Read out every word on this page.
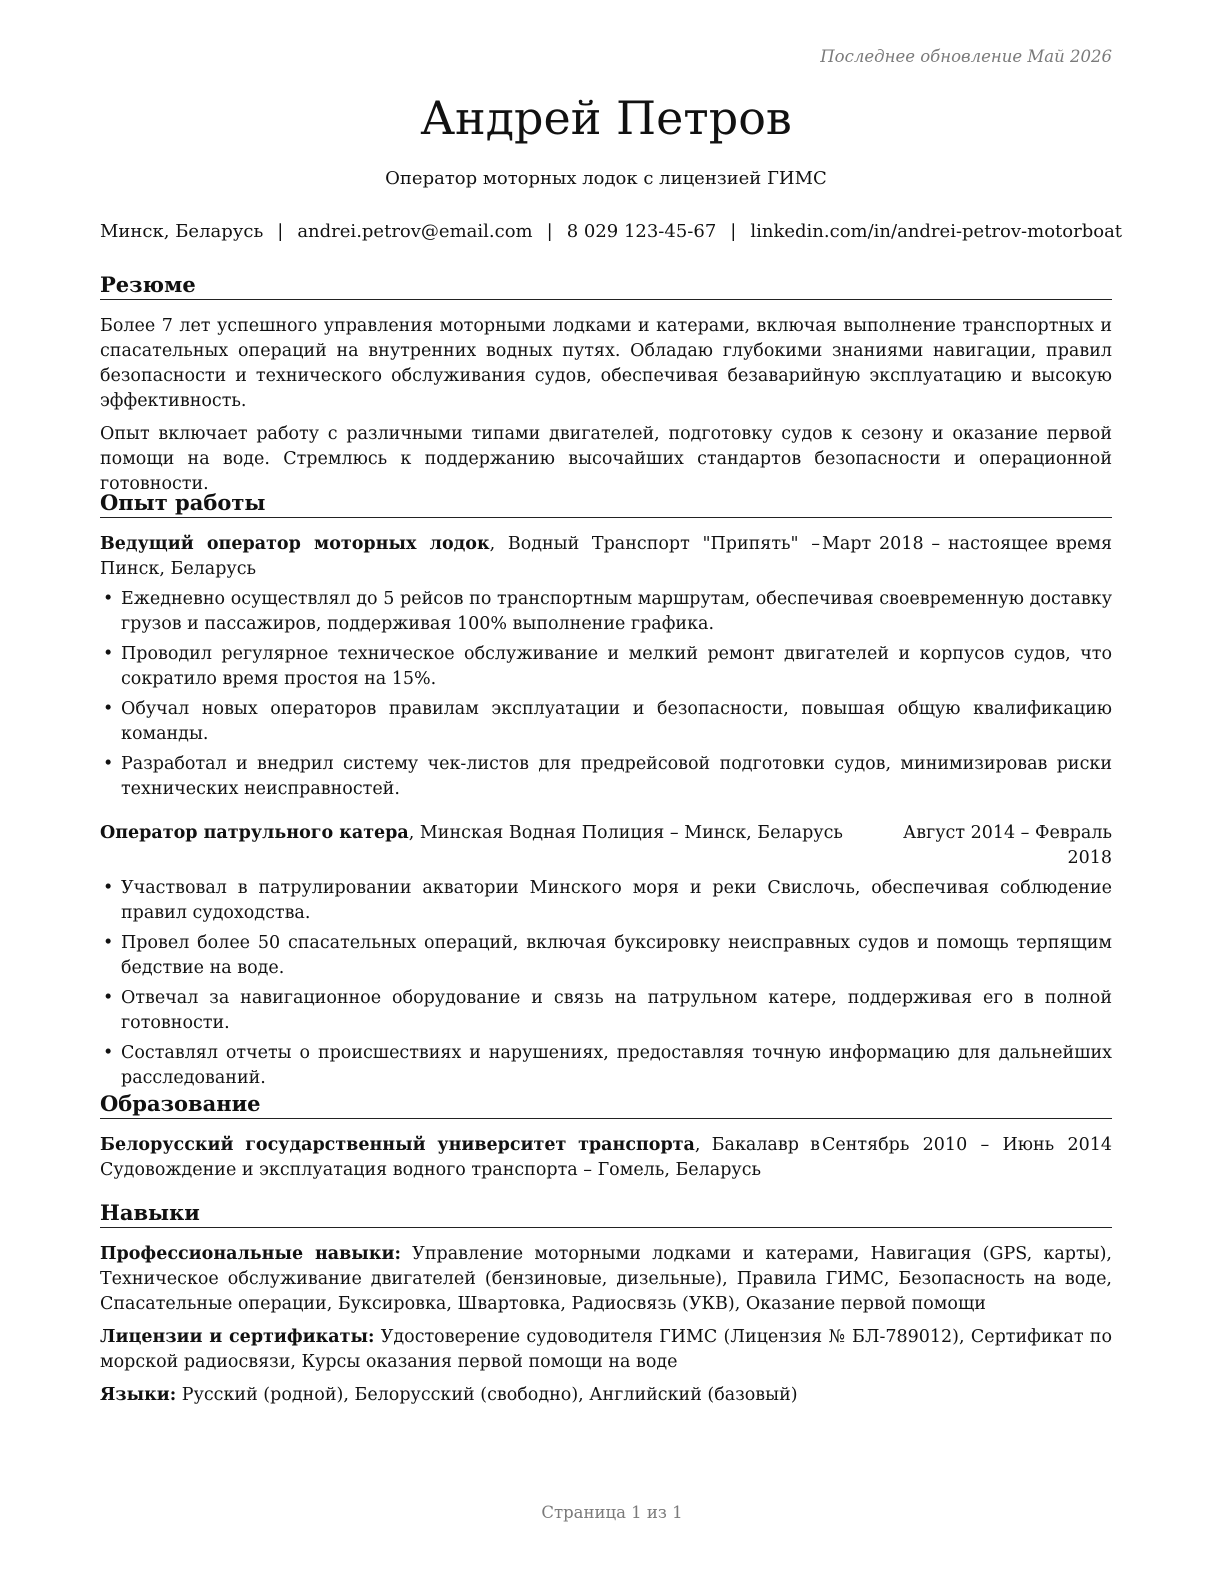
Последнее обновление Май 2026
Андрей Петров
Оператор моторных лодок с лицензией ГИМС
Минск, Беларусь | andrei.petrov@email.com | 8 029 123-45-67 | linkedin.com/in/andrei-petrov-motorboat
Резюме

Более 7 лет успешного управления моторными лодками и катерами, включая выполнение транспортных и спасательных операций на внутренних водных путях. Обладаю глубокими знаниями навигации, правил безопасности и технического обслуживания судов, обеспечивая безаварийную эксплуатацию и высокую эффективность.

Опыт включает работу с различными типами двигателей, подготовку судов к сезону и оказание первой помощи на воде. Стремлюсь к поддержанию высочайших стандартов безопасности и операционной готовности.

Опыт работы
Ведущий оператор моторных лодок, Водный Транспорт "Припять" – Пинск, Беларусь
Март 2018 – настоящее время
• Ежедневно осуществлял до 5 рейсов по транспортным маршрутам, обеспечивая своевременную доставку грузов и пассажиров, поддерживая 100% выполнение графика.
• Проводил регулярное техническое обслуживание и мелкий ремонт двигателей и корпусов судов, что сократило время простоя на 15%.
• Обучал новых операторов правилам эксплуатации и безопасности, повышая общую квалификацию команды.
• Разработал и внедрил систему чек-листов для предрейсовой подготовки судов, минимизировав риски технических неисправностей.
Оператор патрульного катера, Минская Водная Полиция – Минск, Беларусь	Август 2014 – Февраль 2018
• Участвовал в патрулировании акватории Минского моря и реки Свислочь, обеспечивая соблюдение правил судоходства.
• Провел более 50 спасательных операций, включая буксировку неисправных судов и помощь терпящим бедствие на воде.
• Отвечал за навигационное оборудование и связь на патрульном катере, поддерживая его в полной готовности.
• Составлял отчеты о происшествиях и нарушениях, предоставляя точную информацию для дальнейших расследований.
Образование
Белорусский государственный университет транспорта, Бакалавр в Судовождение и эксплуатация водного транспорта – Гомель, Беларусь
Сентябрь 2010 – Июнь 2014
Навыки

Профессиональные навыки: Управление моторными лодками и катерами, Навигация (GPS, карты), Техническое обслуживание двигателей (бензиновые, дизельные), Правила ГИМС, Безопасность на воде, Спасательные операции, Буксировка, Швартовка, Радиосвязь (УКВ), Оказание первой помощи

Лицензии и сертификаты: Удостоверение судоводителя ГИМС (Лицензия № БЛ-789012), Сертификат по морской радиосвязи, Курсы оказания первой помощи на воде

Языки: Русский (родной), Белорусский (свободно), Английский (базовый)

Страница 1 из 1
